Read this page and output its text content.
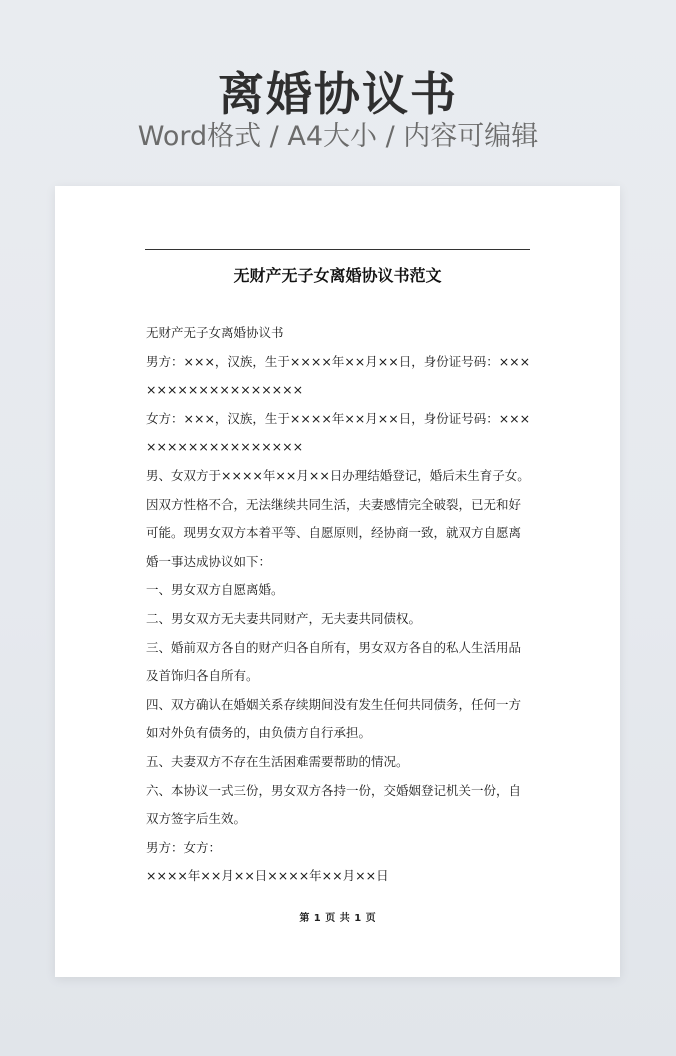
离婚协议书
Word格式 / A4大小 / 内容可编辑
无财产无子女离婚协议书范文
无财产无子女离婚协议书
男方：×××，汉族，生于××××年××月××日，身份证号码：×××
×××××××××××××××
女方：×××，汉族，生于××××年××月××日，身份证号码：×××
×××××××××××××××
男、女双方于××××年××月××日办理结婚登记，婚后未生育子女。
因双方性格不合，无法继续共同生活，夫妻感情完全破裂，已无和好
可能。现男女双方本着平等、自愿原则，经协商一致，就双方自愿离
婚一事达成协议如下：
一、男女双方自愿离婚。
二、男女双方无夫妻共同财产，无夫妻共同债权。
三、婚前双方各自的财产归各自所有，男女双方各自的私人生活用品
及首饰归各自所有。
四、双方确认在婚姻关系存续期间没有发生任何共同债务，任何一方
如对外负有债务的，由负债方自行承担。
五、夫妻双方不存在生活困难需要帮助的情况。
六、本协议一式三份，男女双方各持一份，交婚姻登记机关一份，自
双方签字后生效。
男方：女方：
××××年××月××日××××年××月××日
第 1 页 共 1 页
